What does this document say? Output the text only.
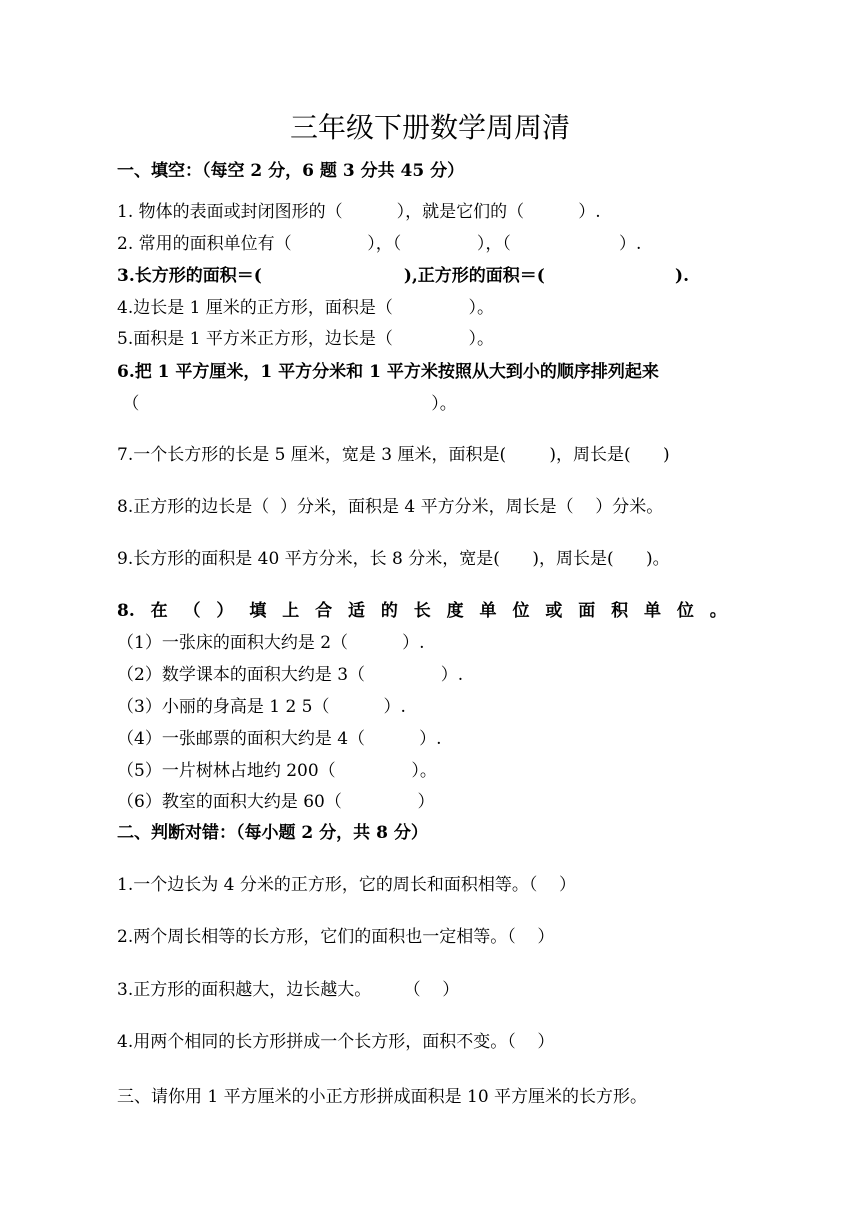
三年级下册数学周周清
一、填空：（每空 2 分，6 题 3 分共 45 分）
1. 物体的表面或封闭图形的（          ），就是它们的（          ）.
2. 常用的面积单位有（              ），（              ），（                    ）.
3.长方形的面积＝(                        ),正方形的面积＝(                      ).
4.边长是 1 厘米的正方形，面积是（              ）。
5.面积是 1 平方米正方形，边长是（              ）。
6.把 1 平方厘米，1 平方分米和 1 平方米按照从大到小的顺序排列起来
（                                                      ）。
7.一个长方形的长是 5 厘米，宽是 3 厘米，面积是(        )，周长是(      )
8.正方形的边长是（  ）分米，面积是 4 平方分米，周长是（    ）分米。
9.长方形的面积是 40 平方分米，长 8 分米，宽是(      )，周长是(      )。
8. 在 （ ） 填 上 合 适 的 长 度 单 位 或 面 积 单 位 。
（1）一张床的面积大约是 2（          ）.
（2）数学课本的面积大约是 3（              ）.
（3）小丽的身高是 1 2 5（          ）.
（4）一张邮票的面积大约是 4（          ）.
（5）一片树林占地约 200（              ）。
（6）教室的面积大约是 60（              ）
二、判断对错：（每小题 2 分，共 8 分）
1.一个边长为 4 分米的正方形，它的周长和面积相等。（    ）
2.两个周长相等的长方形，它们的面积也一定相等。（    ）
3.正方形的面积越大，边长越大。      （    ）
4.用两个相同的长方形拼成一个长方形，面积不变。（    ）
三、请你用 1 平方厘米的小正方形拼成面积是 10 平方厘米的长方形。
